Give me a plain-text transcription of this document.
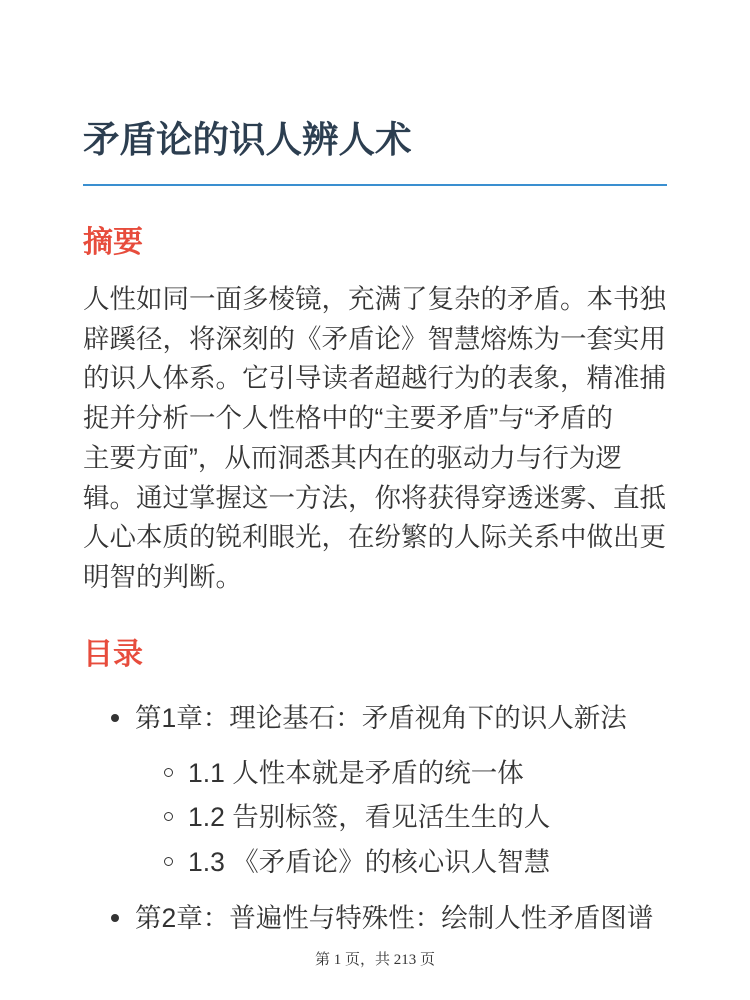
矛盾论的识人辨人术
摘要

人性如同一面多棱镜，充满了复杂的矛盾。本书独
辟蹊径，将深刻的《矛盾论》智慧熔炼为一套实用
的识人体系。它引导读者超越行为的表象，精准捕
捉并分析一个人性格中的“主要矛盾”与“矛盾的
主要方面”，从而洞悉其内在的驱动力与行为逻
辑。通过掌握这一方法，你将获得穿透迷雾、直抵
人心本质的锐利眼光，在纷繁的人际关系中做出更
明智的判断。

目录
第1章：理论基石：矛盾视角下的识人新法
1.1 人性本就是矛盾的统一体
1.2 告别标签，看见活生生的人
1.3 《矛盾论》的核心识人智慧
第2章：普遍性与特殊性：绘制人性矛盾图谱
第 1 页，共 213 页
